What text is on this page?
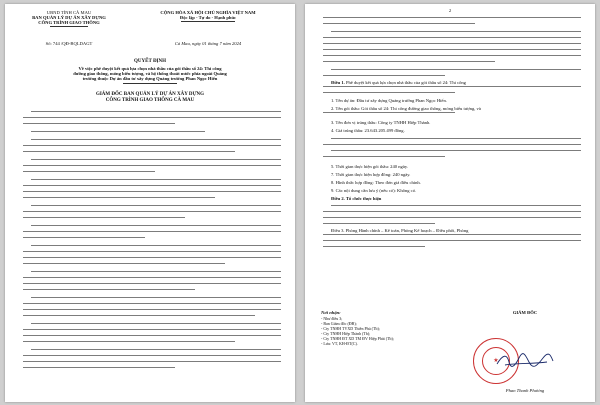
UBND TỈNH CÀ MAU
BAN QUẢN LÝ DỰ ÁN XÂY DỰNG
CÔNG TRÌNH GIAO THÔNG
Số: 744 /QĐ-BQLDAGT
CỘNG HÒA XÃ HỘI CHỦ NGHĨA VIỆT NAM
Độc lập - Tự do - Hạnh phúc
Cà Mau, ngày 01 tháng 7 năm 2024
QUYẾT ĐỊNH
Về việc phê duyệt kết quả lựa chọn nhà thầu của gói thầu số 24: Thi công
đường giao thông, móng biểu tượng, và hệ thống thoát nước phía ngoài Quảng
trường thuộc Dự án đầu tư xây dựng Quảng trường Phan Ngọc Hiển
GIÁM ĐỐC BAN QUẢN LÝ DỰ ÁN XÂY DỰNG
CÔNG TRÌNH GIAO THÔNG CÀ MAU
2
Điều 1. Phê duyệt kết quả lựa chọn nhà thầu của gói thầu số 24: Thi công
1. Tên dự án: Đầu tư xây dựng Quảng trường Phan Ngọc Hiển.
2. Tên gói thầu: Gói thầu số 24: Thi công đường giao thông, móng biểu tượng, và
3. Tên đơn vị trúng thầu: Công ty TNHH Hiệp Thành.
4. Giá trúng thầu: 23.643.205.499 đồng.
5. Thời gian thực hiện gói thầu: 240 ngày.
7. Thời gian thực hiện hợp đồng: 240 ngày.
8. Hình thức hợp đồng: Theo đơn giá điều chỉnh.
9. Các nội dung cần lưu ý (nếu có): Không có.
Điều 2. Tổ chức thực hiện
Điều 3. Phòng Hành chính – Kế toán, Phòng Kế hoạch – Điều phối, Phòng
Nơi nhận:
- Như điều 3;
- Ban Giám đốc (ĐB);
- Cty TNHH TVXD Thiên Phú (Tb);
- Cty TNHH Hiệp Thành (Tb);
- Cty TNHH ĐT XD TM ĐV Hiệp Phát (Tb);
- Lưu: VT, KH-ĐT(C).
GIÁM ĐỐC
★
Phan Thanh Phương
